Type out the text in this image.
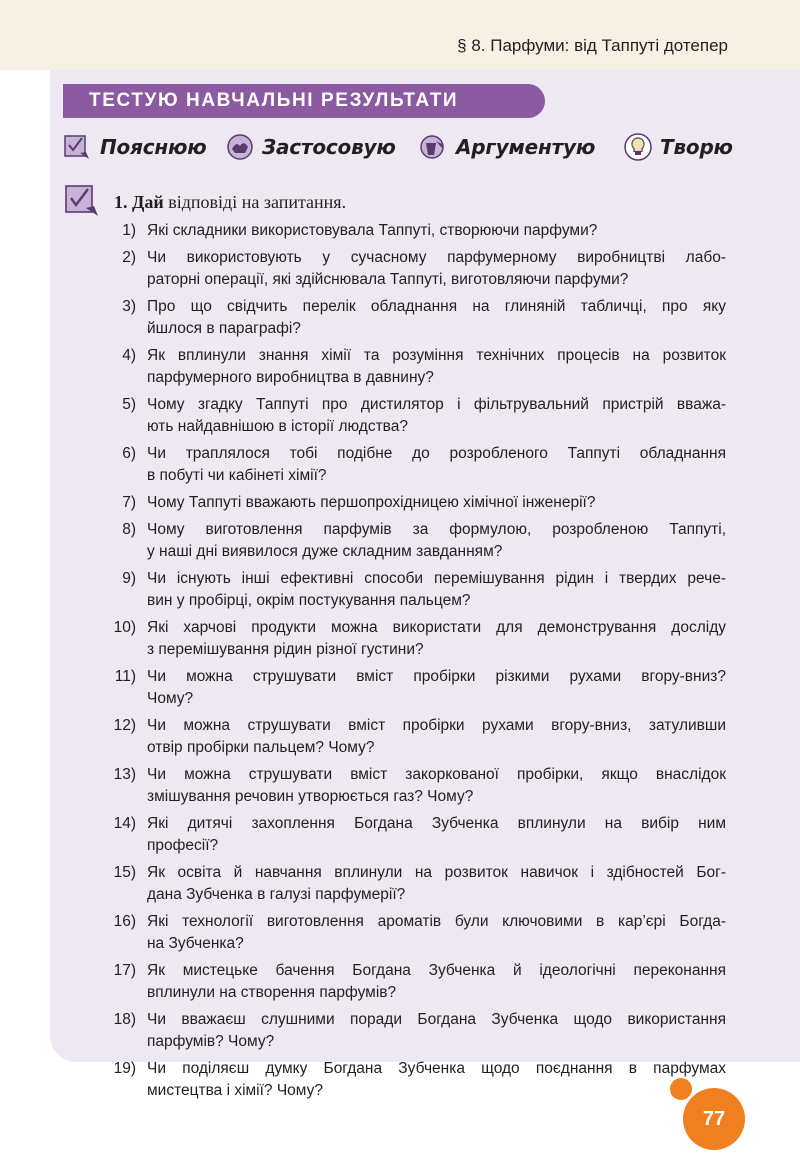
§ 8. Парфуми: від Таппуті дотепер
ТЕСТУЮ НАВЧАЛЬНІ РЕЗУЛЬТАТИ
Пояснюю	Застосовую	Аргументую	Творю
1. Дай відповіді на запитання.
1) Які складники використовувала Таппуті, створюючи парфуми?
2) Чи використовують у сучасному парфумерному виробництві лабо-
раторні операції, які здійснювала Таппуті, виготовляючи парфуми?
3) Про що свідчить перелік обладнання на глиняній табличці, про яку
йшлося в параграфі?
4) Як вплинули знання хімії та розуміння технічних процесів на розвиток
парфумерного виробництва в давнину?
5) Чому згадку Таппуті про дистилятор і фільтрувальний пристрій вважа-
ють найдавнішою в історії людства?
6) Чи траплялося тобі подібне до розробленого Таппуті обладнання
в побуті чи кабінеті хімії?
7) Чому Таппуті вважають першопрохідницею хімічної інженерії?
8) Чому виготовлення парфумів за формулою, розробленою Таппуті,
у наші дні виявилося дуже складним завданням?
9) Чи існують інші ефективні способи перемішування рідин і твердих рече-
вин у пробірці, окрім постукування пальцем?
10) Які харчові продукти можна використати для демонстрування досліду
з перемішування рідин різної густини?
11) Чи можна струшувати вміст пробірки різкими рухами вгору-вниз?
Чому?
12) Чи можна струшувати вміст пробірки рухами вгору-вниз, затуливши
отвір пробірки пальцем? Чому?
13) Чи можна струшувати вміст закоркованої пробірки, якщо внаслідок
змішування речовин утворюється газ? Чому?
14) Які дитячі захоплення Богдана Зубченка вплинули на вибір ним
професії?
15) Як освіта й навчання вплинули на розвиток навичок і здібностей Бог-
дана Зубченка в галузі парфумерії?
16) Які технології виготовлення ароматів були ключовими в кар’єрі Богда-
на Зубченка?
17) Як мистецьке бачення Богдана Зубченка й ідеологічні переконання
вплинули на створення парфумів?
18) Чи вважаєш слушними поради Богдана Зубченка щодо використання
парфумів? Чому?
19) Чи поділяєш думку Богдана Зубченка щодо поєднання в парфумах
мистецтва і хімії? Чому?
77
